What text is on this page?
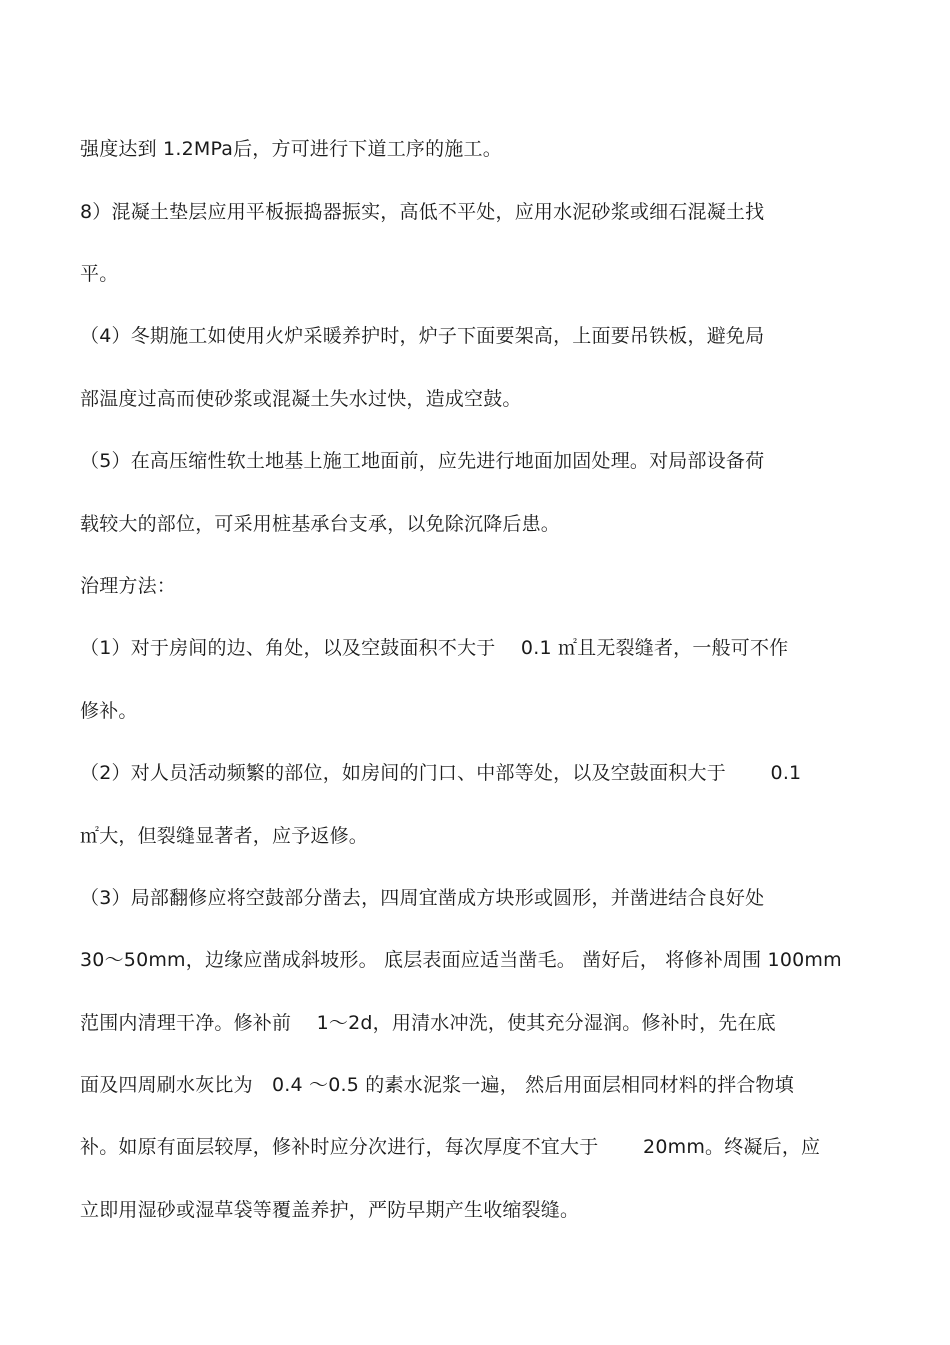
强度达到 1.2MPa后，方可进行下道工序的施工。
8）混凝土垫层应用平板振捣器振实，高低不平处，应用水泥砂浆或细石混凝土找
平。
（4）冬期施工如使用火炉采暖养护时，炉子下面要架高，上面要吊铁板，避免局
部温度过高而使砂浆或混凝土失水过快，造成空鼓。
（5）在高压缩性软土地基上施工地面前，应先进行地面加固处理。对局部设备荷
载较大的部位，可采用桩基承台支承，以免除沉降后患。
治理方法：
（1）对于房间的边、角处，以及空鼓面积不大于　 0.1 ㎡且无裂缝者，一般可不作
修补。
（2）对人员活动频繁的部位，如房间的门口、中部等处，以及空鼓面积大于　　 0.1
㎡大，但裂缝显著者，应予返修。
（3）局部翻修应将空鼓部分凿去，四周宜凿成方块形或圆形，并凿进结合良好处
30～50mm，边缘应凿成斜坡形。 底层表面应适当凿毛。 凿好后， 将修补周围 100mm
范围内清理干净。修补前　 1～2d，用清水冲洗，使其充分湿润。修补时，先在底
面及四周刷水灰比为　0.4 ～0.5 的素水泥浆一遍， 然后用面层相同材料的拌合物填
补。如原有面层较厚，修补时应分次进行，每次厚度不宜大于　　 20mm。终凝后，应
立即用湿砂或湿草袋等覆盖养护，严防早期产生收缩裂缝。
